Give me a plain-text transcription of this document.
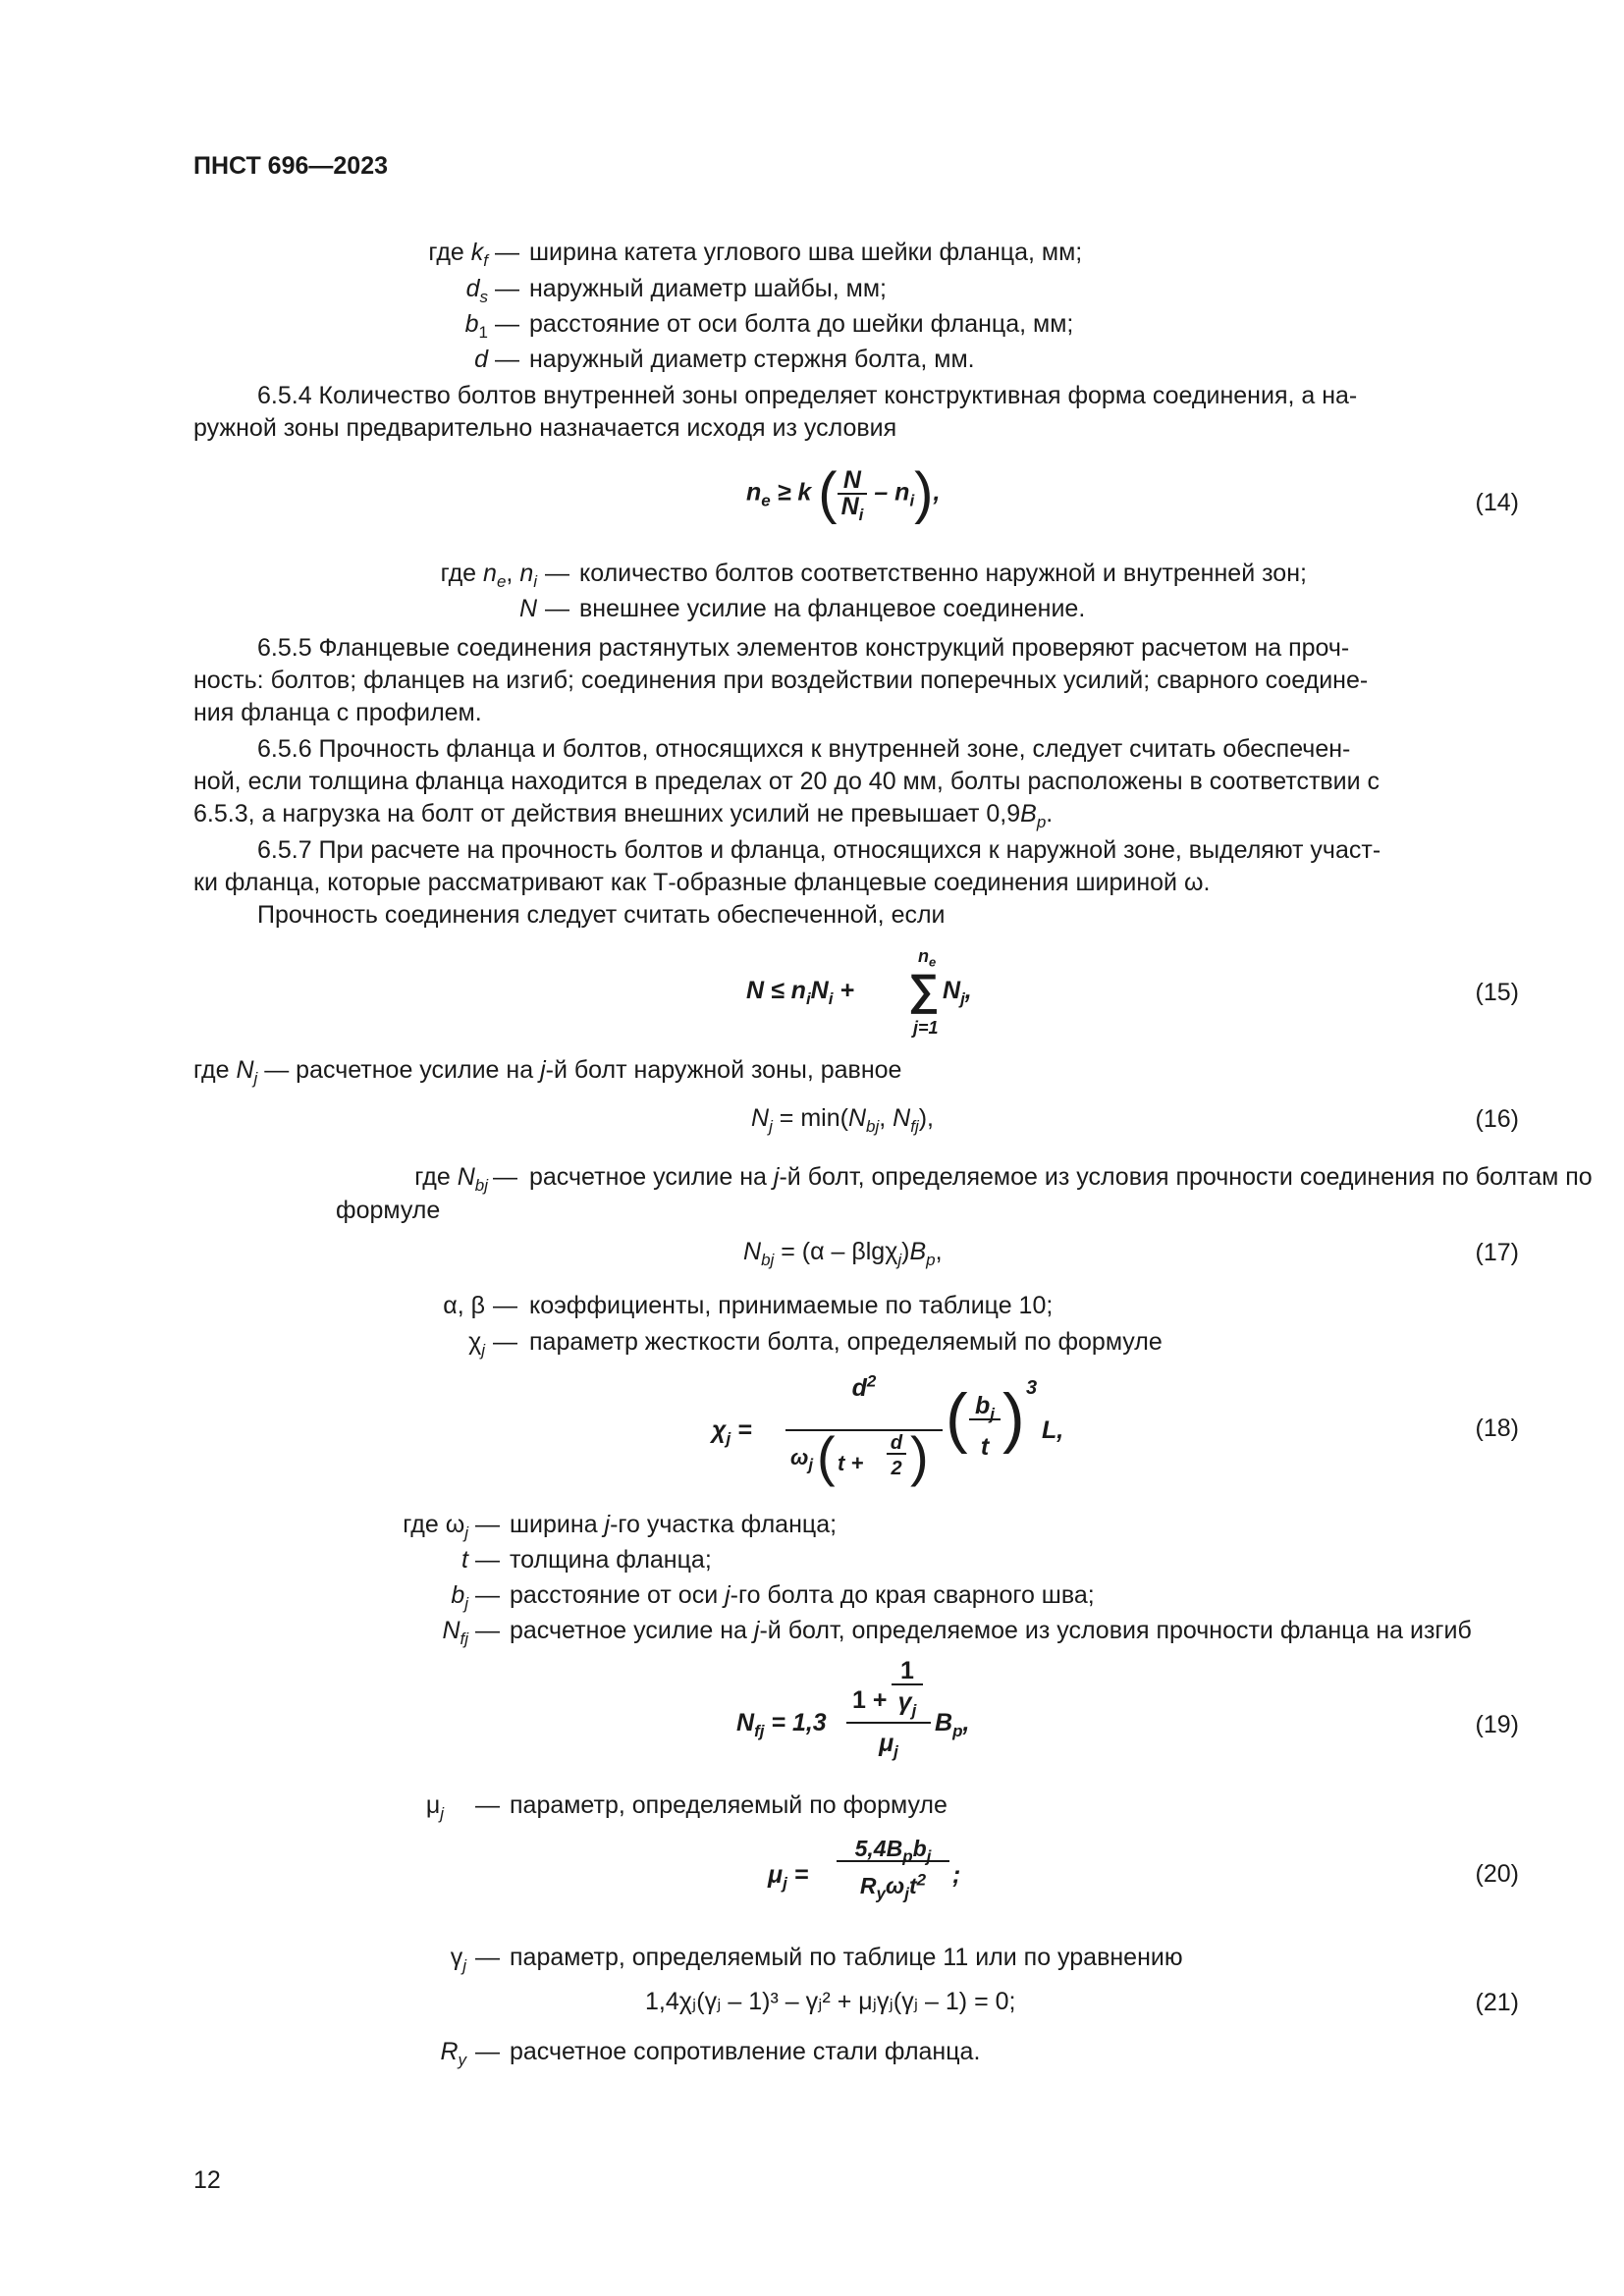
ПНСТ 696—2023
где $k_f$ — ширина катета углового шва шейки фланца, мм;
$d_s$ — наружный диаметр шайбы, мм;
$b_1$ — расстояние от оси болта до шейки фланца, мм;
d — наружный диаметр стержня болта, мм.
6.5.4 Количество болтов внутренней зоны определяет конструктивная форма соединения, а на-
ружной зоны предварительно назначается исходя из условия
$n_e \ge k$ ( $\frac{N}{N_i} - n_i$),	(14)
где $n_e$, $n_i$ — количество болтов соответственно наружной и внутренней зон;
N — внешнее усилие на фланцевое соединение.
6.5.5 Фланцевые соединения растянутых элементов конструкций проверяют расчетом на проч-
ность: болтов; фланцев на изгиб; соединения при воздействии поперечных усилий; сварного соедине-
ния фланца с профилем.
6.5.6 Прочность фланца и болтов, относящихся к внутренней зоне, следует считать обеспечен-
ной, если толщина фланца находится в пределах от 20 до 40 мм, болты расположены в соответствии с
6.5.3, а нагрузка на болт от действия внешних усилий не превышает $0,9B_p$.
6.5.7 При расчете на прочность болтов и фланца, относящихся к наружной зоне, выделяют участ-
ки фланца, которые рассматривают как Т-образные фланцевые соединения шириной ω.
Прочность соединения следует считать обеспеченной, если
$N \le n_iN_i$ +
$n_e$
∑
j=1
$N_j$,	(15)
где $N_j$ — расчетное усилие на j-й болт наружной зоны, равное
$N_j = \min(N_{bj}$, $N_{fj}$),	(16)
где $N_{bj}$ — расчетное усилие на j-й болт, определяемое из условия прочности соединения по болтам по
формуле
$N_{bj} = (\alpha - \beta\lg\chi_j)B_p$,	(17)
α, β — коэффициенты, принимаемые по таблице 10;
$\chi_j$ — параметр жесткости болта, определяемый по формуле
$\chi_j$ =
$d^2$
$\omega_j$ ( t +
d
2 )
( $b_j$
t ) 3
L,	(18)
где $\omega_j$ — ширина j-го участка фланца;
t — толщина фланца;
$b_j$ — расстояние от оси j-го болта до края сварного шва;
$N_{fj}$ — расчетное усилие на j-й болт, определяемое из условия прочности фланца на изгиб
$N_{fj} = 1,3$
1 +
1
$\gamma_j$
$\mu_j$
$B_p$,	(19)
$\mu_j$ — параметр, определяемый по формуле
$\mu_j$ =
$5,4B_pb_j$
$R_y\omega_jt^2$	;	(20)
$\gamma_j$ — параметр, определяемый по таблице 11 или по уравнению
1,4χⱼ(γⱼ – 1)³ – γⱼ² + μⱼγⱼ(γⱼ – 1) = 0;	(21)
$R_y$ — расчетное сопротивление стали фланца.
12
